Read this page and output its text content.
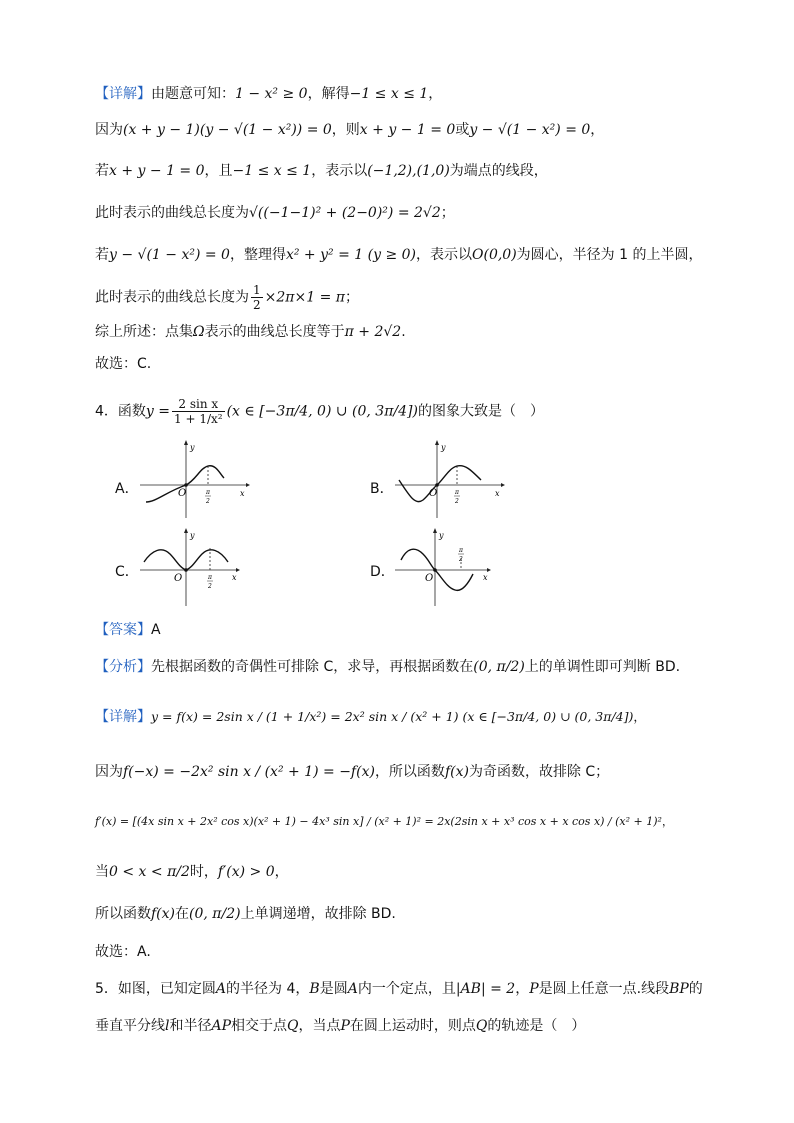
【详解】由题意可知：1 − x² ≥ 0，解得−1 ≤ x ≤ 1，
因为(x + y − 1)(y − √(1 − x²)) = 0，则x + y − 1 = 0或y − √(1 − x²) = 0，
若x + y − 1 = 0，且−1 ≤ x ≤ 1，表示以(−1,2),(1,0)为端点的线段，
此时表示的曲线总长度为√((−1−1)² + (2−0)²) = 2√2；
若y − √(1 − x²) = 0，整理得x² + y² = 1 (y ≥ 0)，表示以O(0,0)为圆心，半径为 1 的上半圆，
此时表示的曲线总长度为 $\frac{1}{2} \times 2\pi\times 1 = \pi$；
综上所述：点集Ω表示的曲线总长度等于π + 2√2.
故选：C.
4．函数$y = \frac{\text{2 sin x}}{\text{1 + 1/x²}} (x$ ∈ [−3π/4, 0) ∪ (0, 3π/4])的图象大致是（　）
A．	B．
C．	D．
O
y
x
π
2
O
y
x
π
2
O
y
x
π
2
O
y
x
π
2
【答案】A
【分析】先根据函数的奇偶性可排除 C，求导，再根据函数在(0, π/2)上的单调性即可判断 BD.
【详解】y = f(x) = 2sin x / (1 + 1/x²) = 2x² sin x / (x² + 1) (x ∈ [−3π/4, 0) ∪ (0, 3π/4])，
因为f(−x) = −2x² sin x / (x² + 1) = −f(x)，所以函数f(x)为奇函数，故排除 C；
f′(x) = [(4x sin x + 2x² cos x)(x² + 1) − 4x³ sin x] / (x² + 1)² = 2x(2sin x + x³ cos x + x cos x) / (x² + 1)²，
当0 < x < π/2时，f′(x) > 0，
所以函数f(x)在(0, π/2)上单调递增，故排除 BD.
故选：A.
5．如图，已知定圆A的半径为 4，B是圆A内一个定点，且|AB| = 2，P是圆上任意一点.线段BP的
垂直平分线l和半径AP相交于点Q，当点P在圆上运动时，则点Q的轨迹是（　）
